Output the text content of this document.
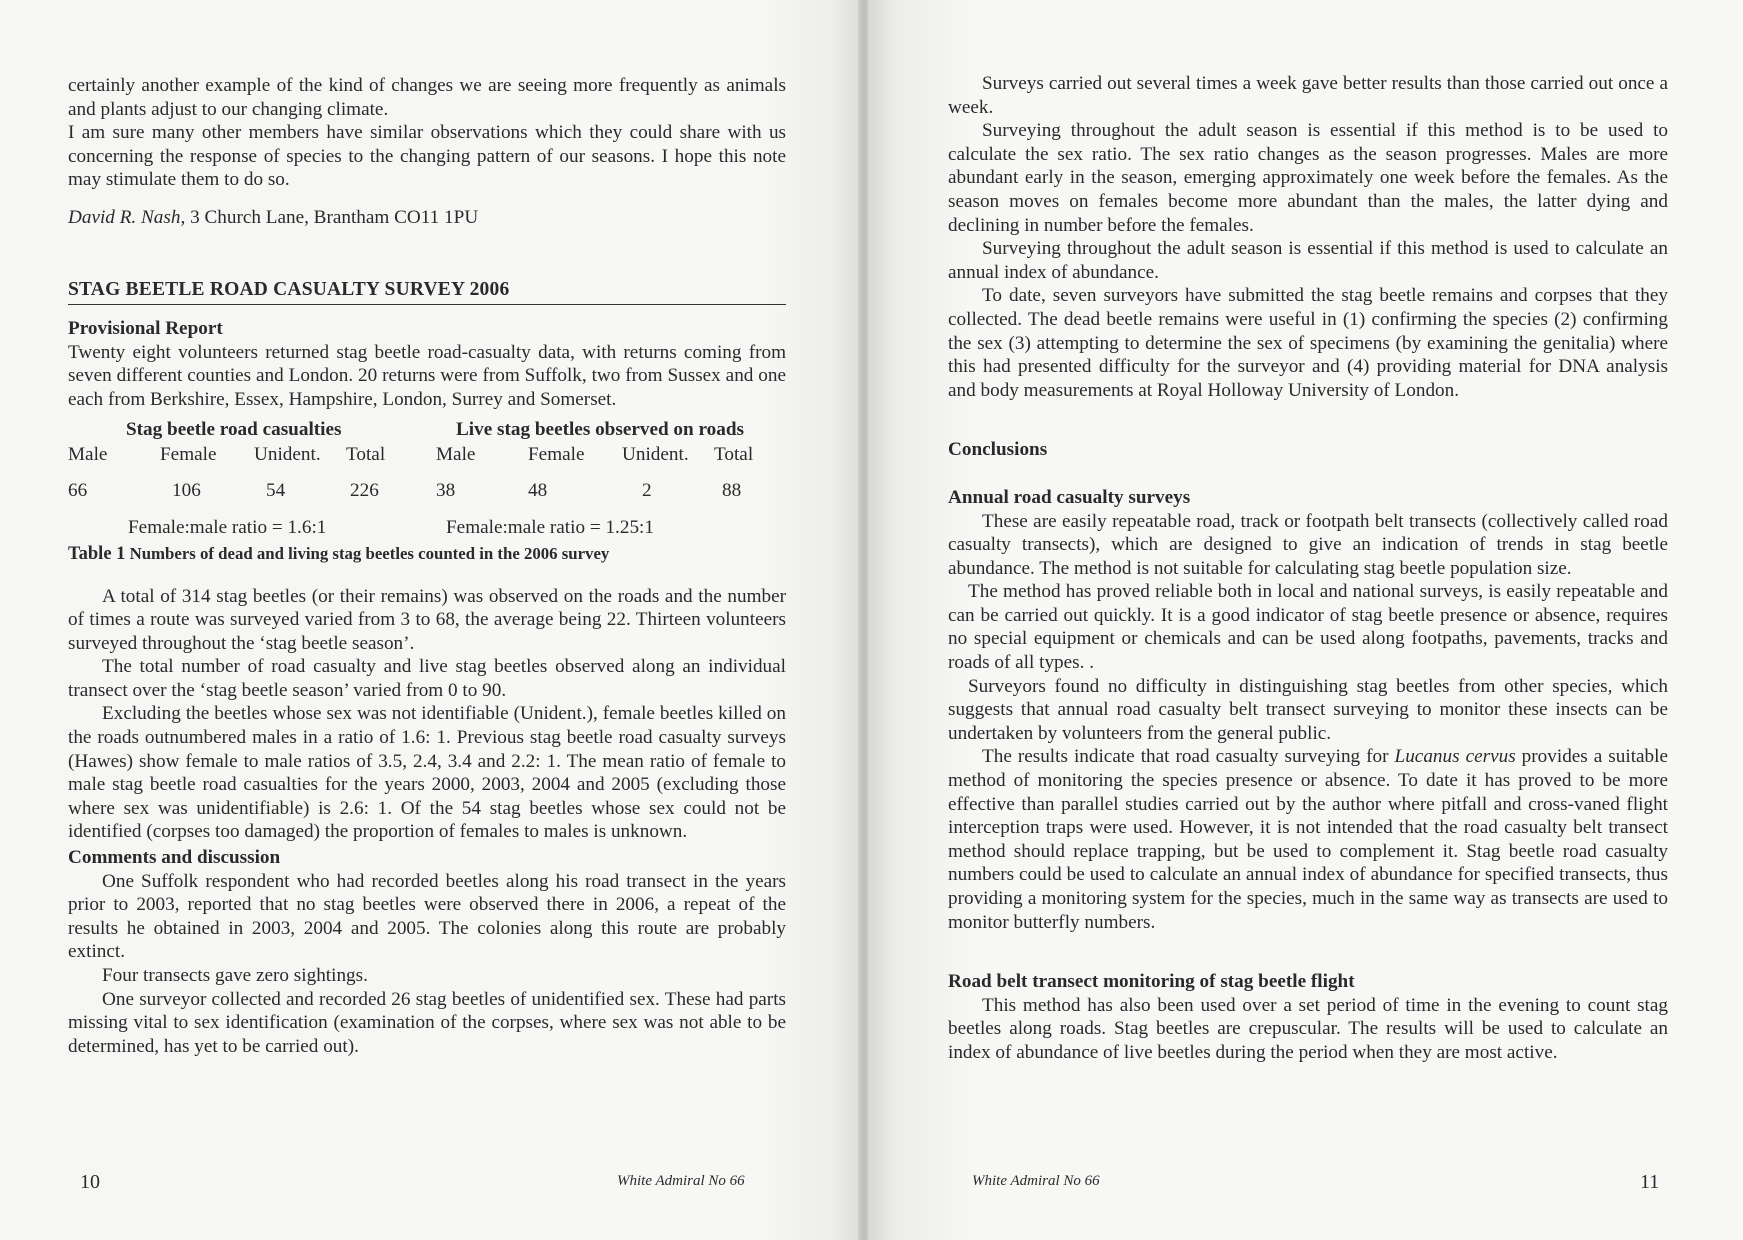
certainly another example of the kind of changes we are seeing more frequently as animals and plants adjust to our changing climate.

I am sure many other members have similar observations which they could share with us concerning the response of species to the changing pattern of our seasons. I hope this note may stimulate them to do so.

David R. Nash, 3 Church Lane, Brantham CO11 1PU

STAG BEETLE ROAD CASUALTY SURVEY 2006

Provisional Report

Twenty eight volunteers returned stag beetle road-casualty data, with returns coming from seven different counties and London. 20 returns were from Suffolk, two from Sussex and one each from Berkshire, Essex, Hampshire, London, Surrey and Somerset.

Stag beetle road casualties				Live stag beetles observed on roads			
Male	Female	Unident.	Total	Male	Female	Unident.	Total
66	106	54	226	38	48	2	88
Female:male ratio = 1.6:1	Female:male ratio = 1.25:1

Table 1 Numbers of dead and living stag beetles counted in the 2006 survey

A total of 314 stag beetles (or their remains) was observed on the roads and the number of times a route was surveyed varied from 3 to 68, the average being 22. Thirteen volunteers surveyed throughout the ‘stag beetle season’.

The total number of road casualty and live stag beetles observed along an individual transect over the ‘stag beetle season’ varied from 0 to 90.

Excluding the beetles whose sex was not identifiable (Unident.), female beetles killed on the roads outnumbered males in a ratio of 1.6: 1. Previous stag beetle road casualty surveys (Hawes) show female to male ratios of 3.5, 2.4, 3.4 and 2.2: 1. The mean ratio of female to male stag beetle road casualties for the years 2000, 2003, 2004 and 2005 (excluding those where sex was unidentifiable) is 2.6: 1. Of the 54 stag beetles whose sex could not be identified (corpses too damaged) the proportion of females to males is unknown.

Comments and discussion

One Suffolk respondent who had recorded beetles along his road transect in the years prior to 2003, reported that no stag beetles were observed there in 2006, a repeat of the results he obtained in 2003, 2004 and 2005. The colonies along this route are probably extinct.

Four transects gave zero sightings.

One surveyor collected and recorded 26 stag beetles of unidentified sex. These had parts missing vital to sex identification (examination of the corpses, where sex was not able to be determined, has yet to be carried out).

10	White Admiral No 66	11
White Admiral No 66

Surveys carried out several times a week gave better results than those carried out once a week.

Surveying throughout the adult season is essential if this method is to be used to calculate the sex ratio. The sex ratio changes as the season progresses. Males are more abundant early in the season, emerging approximately one week before the females. As the season moves on females become more abundant than the males, the latter dying and declining in number before the females.

Surveying throughout the adult season is essential if this method is used to calculate an annual index of abundance.

To date, seven surveyors have submitted the stag beetle remains and corpses that they collected. The dead beetle remains were useful in (1) confirming the species (2) confirming the sex (3) attempting to determine the sex of specimens (by examining the genitalia) where this had presented difficulty for the surveyor and (4) providing material for DNA analysis and body measurements at Royal Holloway University of London.

Conclusions

Annual road casualty surveys

These are easily repeatable road, track or footpath belt transects (collectively called road casualty transects), which are designed to give an indication of trends in stag beetle abundance. The method is not suitable for calculating stag beetle population size.

The method has proved reliable both in local and national surveys, is easily repeatable and can be carried out quickly. It is a good indicator of stag beetle presence or absence, requires no special equipment or chemicals and can be used along footpaths, pavements, tracks and roads of all types. .

Surveyors found no difficulty in distinguishing stag beetles from other species, which suggests that annual road casualty belt transect surveying to monitor these insects can be undertaken by volunteers from the general public.

The results indicate that road casualty surveying for Lucanus cervus provides a suitable method of monitoring the species presence or absence. To date it has proved to be more effective than parallel studies carried out by the author where pitfall and cross-vaned flight interception traps were used. However, it is not intended that the road casualty belt transect method should replace trapping, but be used to complement it. Stag beetle road casualty numbers could be used to calculate an annual index of abundance for specified transects, thus providing a monitoring system for the species, much in the same way as transects are used to monitor butterfly numbers.

Road belt transect monitoring of stag beetle flight

This method has also been used over a set period of time in the evening to count stag beetles along roads. Stag beetles are crepuscular. The results will be used to calculate an index of abundance of live beetles during the period when they are most active.
